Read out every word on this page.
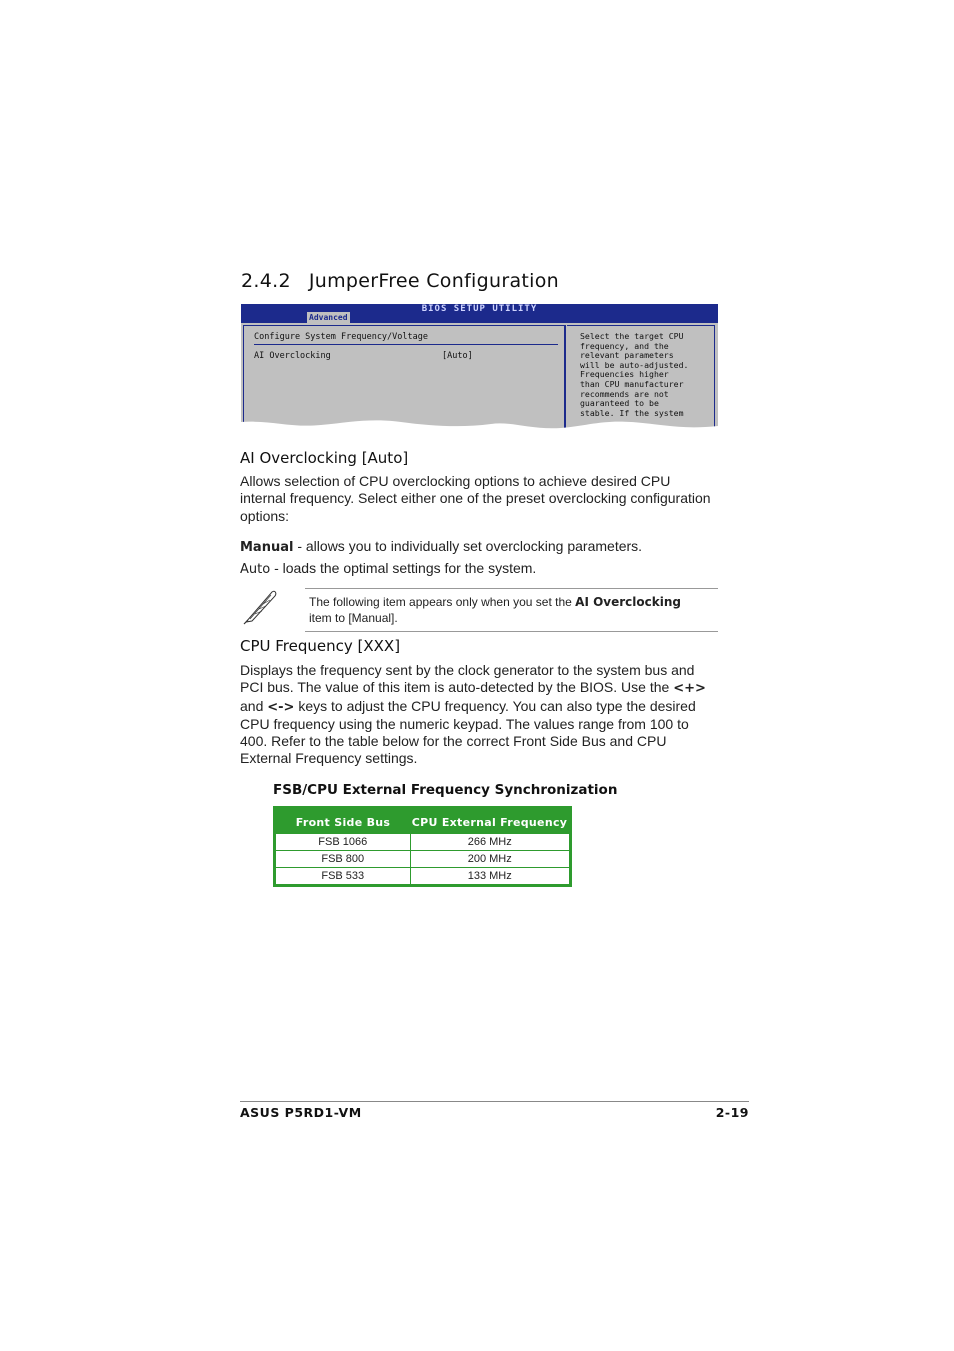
2.4.2 JumperFree Configuration
BIOS SETUP UTILITY
Advanced
Configure System Frequency/Voltage
AI Overclocking	[Auto]
Select the target CPU
frequency, and the
relevant parameters
will be auto-adjusted.
Frequencies higher
than CPU manufacturer
recommends are not
guaranteed to be
stable. If the system
AI Overclocking [Auto]

Allows selection of CPU overclocking options to achieve desired CPU internal frequency. Select either one of the preset overclocking configuration options:

Manual - allows you to individually set overclocking parameters.

Auto - loads the optimal settings for the system.

The following item appears only when you set the AI Overclocking
item to [Manual].

CPU Frequency [XXX]

Displays the frequency sent by the clock generator to the system bus and PCI bus. The value of this item is auto-detected by the BIOS. Use the <+> and <-> keys to adjust the CPU frequency. You can also type the desired CPU frequency using the numeric keypad. The values range from 100 to 400. Refer to the table below for the correct Front Side Bus and CPU External Frequency settings.

FSB/CPU External Frequency Synchronization

Front Side Bus	CPU External Frequency
FSB 1066	266 MHz
FSB 800	200 MHz
FSB 533	133 MHz
ASUS P5RD1-VM	2-19
